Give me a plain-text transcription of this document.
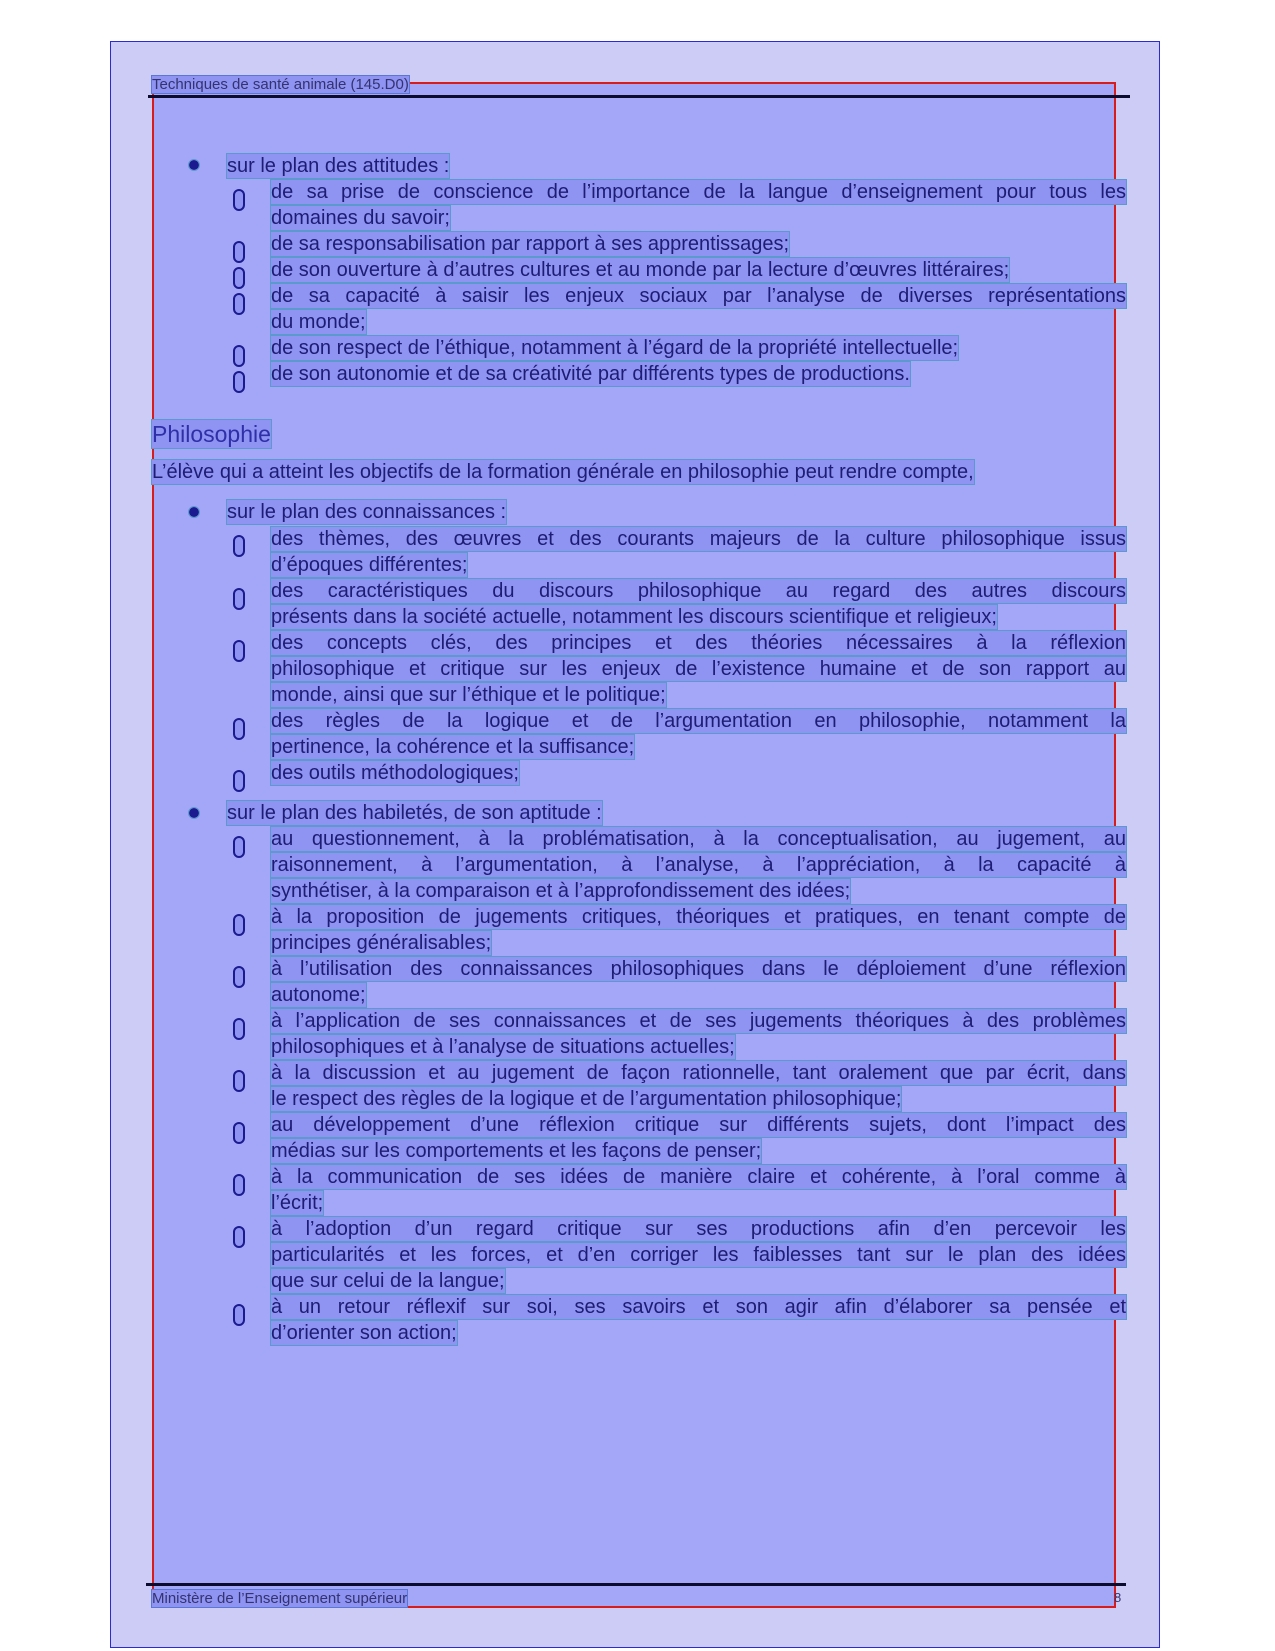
Techniques de santé animale (145.D0)
sur le plan des attitudes :
de sa prise de conscience de l’importance de la langue d’enseignement pour tous les
domaines du savoir;
de sa responsabilisation par rapport à ses apprentissages;
de son ouverture à d’autres cultures et au monde par la lecture d’œuvres littéraires;
de sa capacité à saisir les enjeux sociaux par l’analyse de diverses représentations
du monde;
de son respect de l’éthique, notamment à l’égard de la propriété intellectuelle;
de son autonomie et de sa créativité par différents types de productions.
Philosophie
L’élève qui a atteint les objectifs de la formation générale en philosophie peut rendre compte,
sur le plan des connaissances :
des thèmes, des œuvres et des courants majeurs de la culture philosophique issus
d’époques différentes;
des caractéristiques du discours philosophique au regard des autres discours
présents dans la société actuelle, notamment les discours scientifique et religieux;
des concepts clés, des principes et des théories nécessaires à la réflexion
philosophique et critique sur les enjeux de l’existence humaine et de son rapport au
monde, ainsi que sur l’éthique et le politique;
des règles de la logique et de l’argumentation en philosophie, notamment la
pertinence, la cohérence et la suffisance;
des outils méthodologiques;
sur le plan des habiletés, de son aptitude :
au questionnement, à la problématisation, à la conceptualisation, au jugement, au
raisonnement, à l’argumentation, à l’analyse, à l’appréciation, à la capacité à
synthétiser, à la comparaison et à l’approfondissement des idées;
à la proposition de jugements critiques, théoriques et pratiques, en tenant compte de
principes généralisables;
à l’utilisation des connaissances philosophiques dans le déploiement d’une réflexion
autonome;
à l’application de ses connaissances et de ses jugements théoriques à des problèmes
philosophiques et à l’analyse de situations actuelles;
à la discussion et au jugement de façon rationnelle, tant oralement que par écrit, dans
le respect des règles de la logique et de l’argumentation philosophique;
au développement d’une réflexion critique sur différents sujets, dont l’impact des
médias sur les comportements et les façons de penser;
à la communication de ses idées de manière claire et cohérente, à l’oral comme à
l’écrit;
à l’adoption d’un regard critique sur ses productions afin d’en percevoir les
particularités et les forces, et d’en corriger les faiblesses tant sur le plan des idées
que sur celui de la langue;
à un retour réflexif sur soi, ses savoirs et son agir afin d’élaborer sa pensée et
d’orienter son action;
Ministère de l’Enseignement supérieur	8
